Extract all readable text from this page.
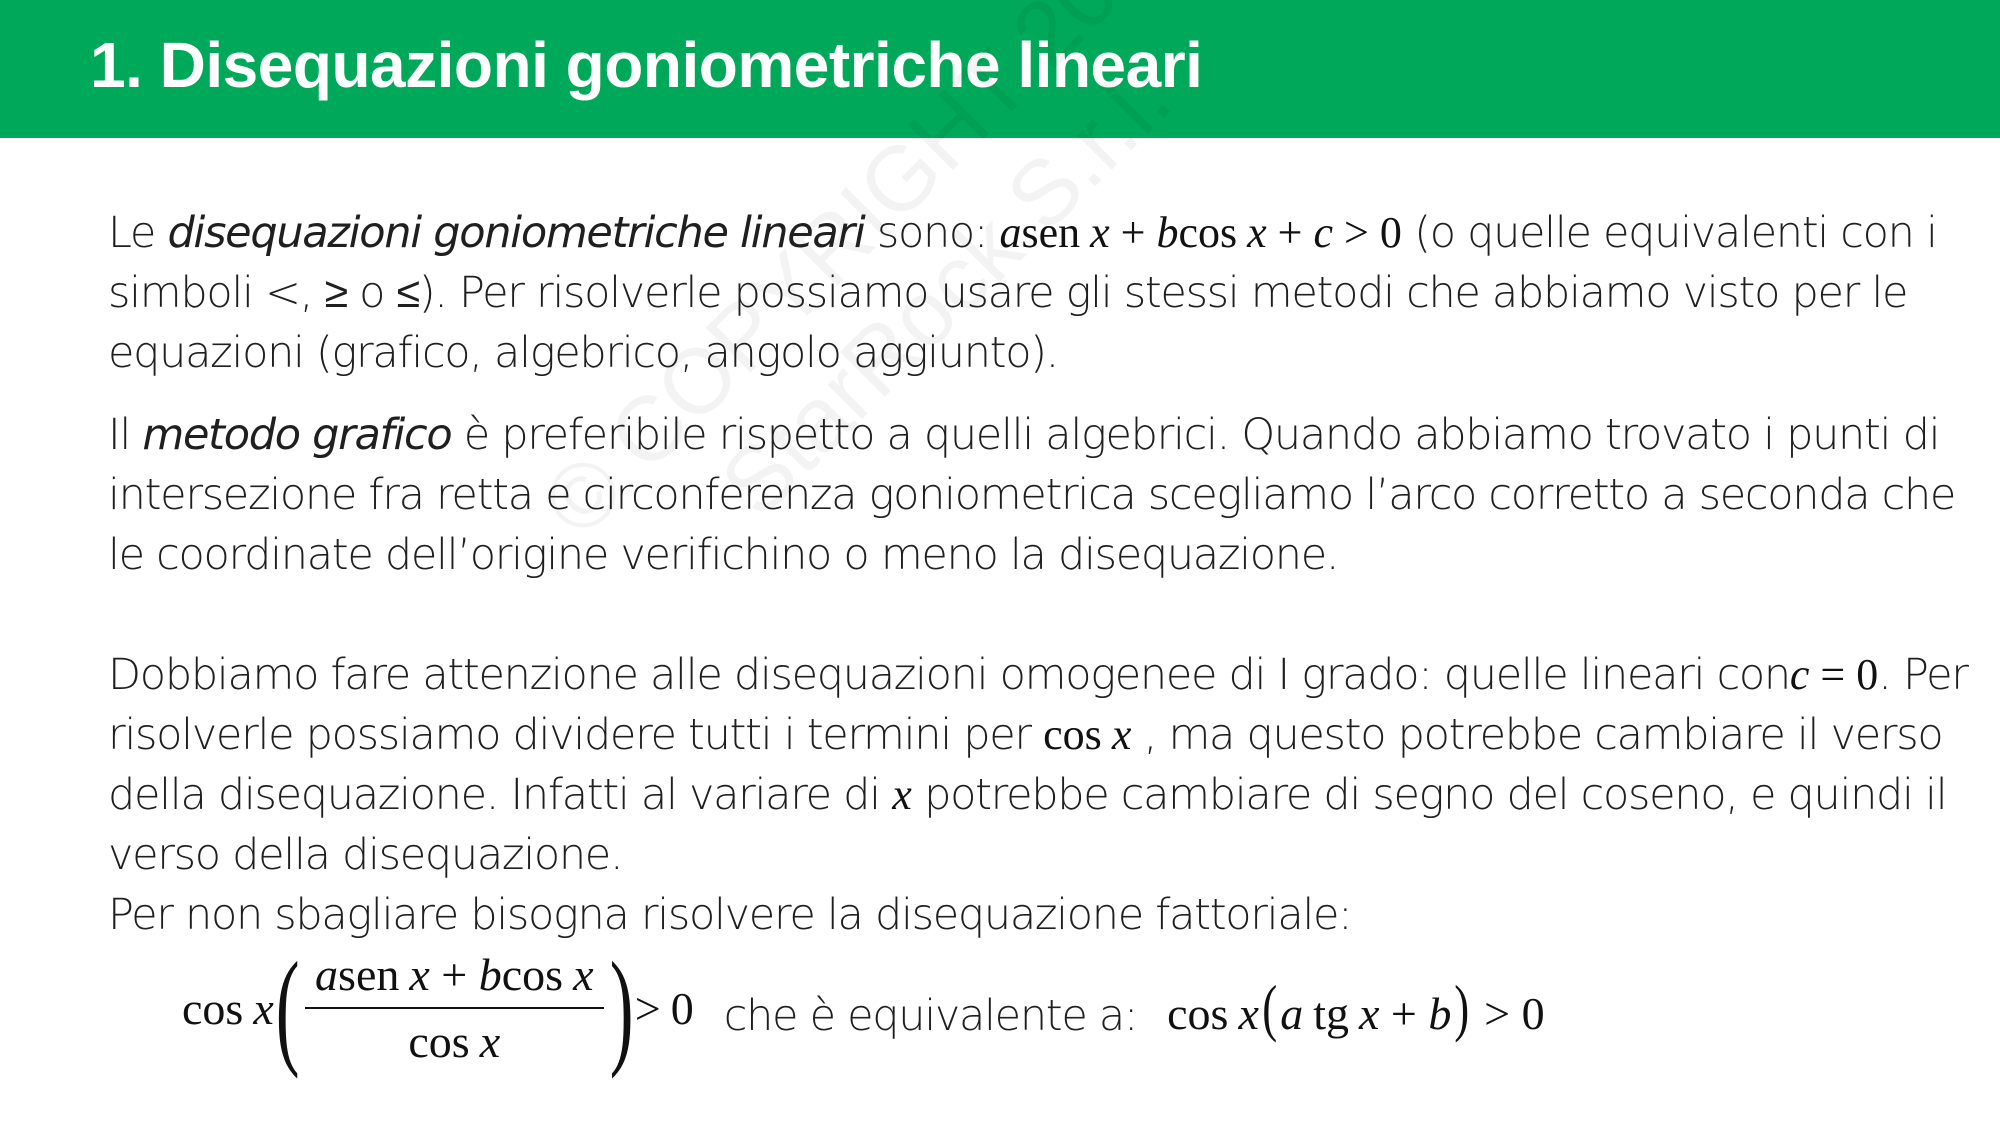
1. Disequazioni goniometriche lineari

Le disequazioni goniometriche lineari sono: asen x + bcos x + c > 0 (o quelle equivalenti con i simboli <, ≥ o ≤). Per risolverle possiamo usare gli stessi metodi che abbiamo visto per le equazioni (grafico, algebrico, angolo aggiunto).

Il metodo grafico è preferibile rispetto a quelli algebrici. Quando abbiamo trovato i punti di intersezione fra retta e circonferenza goniometrica scegliamo l’arco corretto a seconda che le coordinate dell’origine verifichino o meno la disequazione.

Dobbiamo fare attenzione alle disequazioni omogenee di I grado: quelle lineari conc = 0. Per risolverle possiamo dividere tutti i termini per cos x , ma questo potrebbe cambiare il verso della disequazione. Infatti al variare di x potrebbe cambiare di segno del coseno, e quindi il verso della disequazione.
Per non sbagliare bisogna risolvere la disequazione fattoriale:

cos x ( $\frac{\text{asen x + bcos x}}{\text{cos x}}$ ) > 0 che è equivalente a: cos x(a tg x + b) > 0
